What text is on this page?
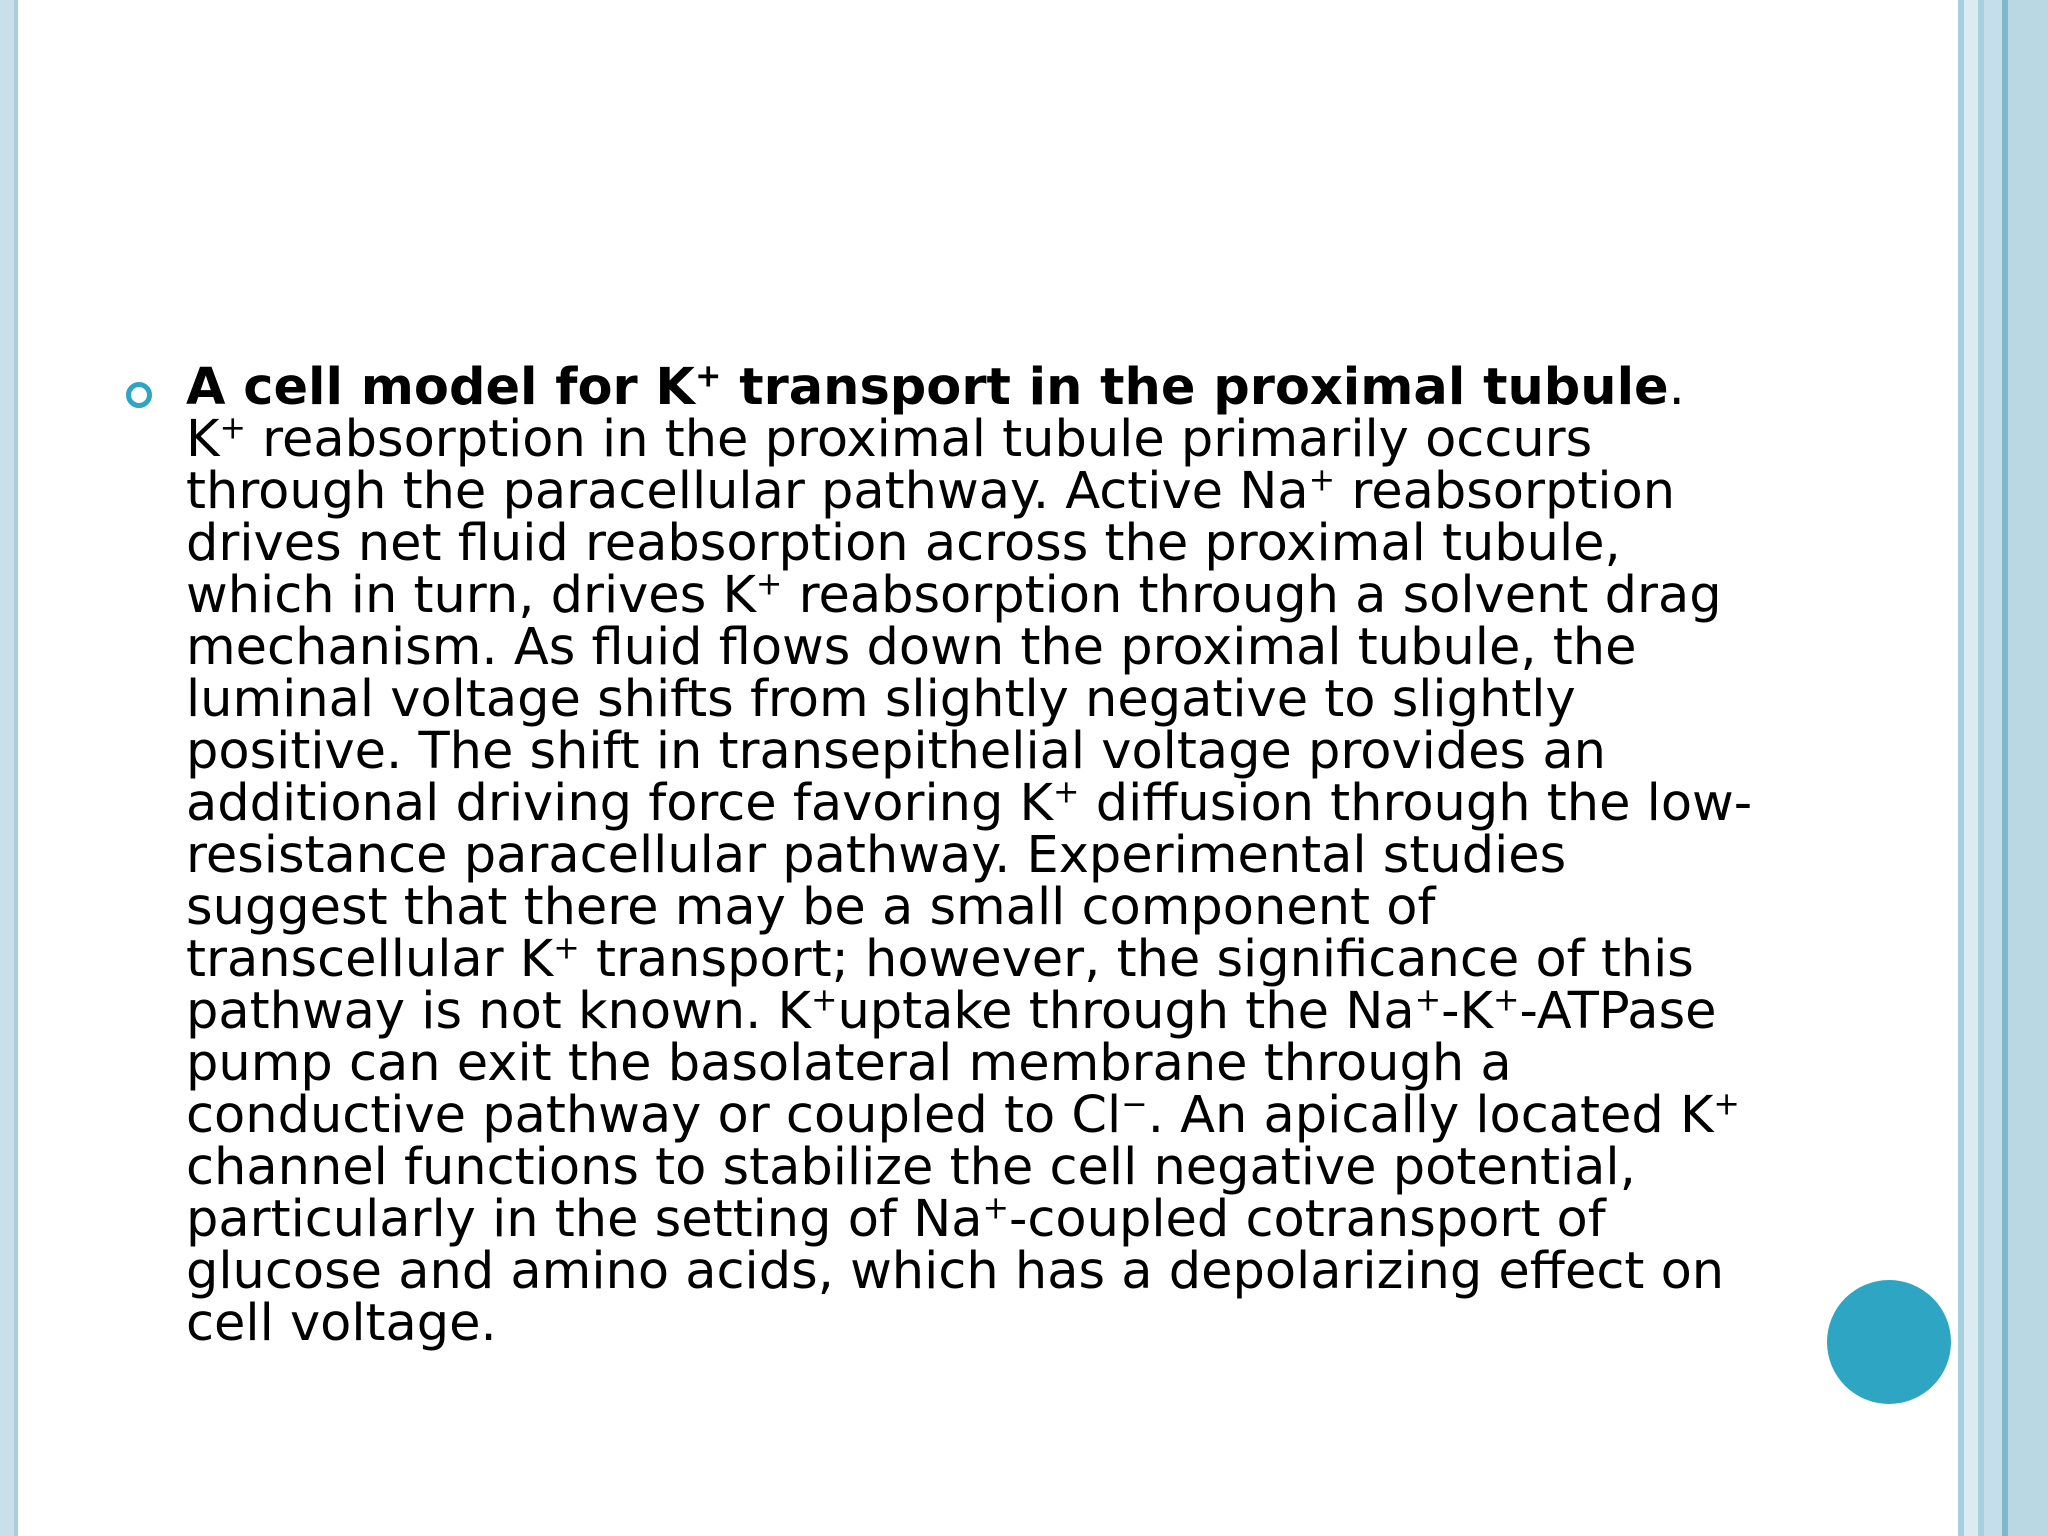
A cell model for K+ transport in the proximal tubule. K+ reabsorption in the proximal tubule primarily occurs through the paracellular pathway. Active Na+ reabsorption drives net fluid reabsorption across the proximal tubule, which in turn, drives K+ reabsorption through a solvent drag mechanism. As fluid flows down the proximal tubule, the luminal voltage shifts from slightly negative to slightly positive. The shift in transepithelial voltage provides an additional driving force favoring K+ diffusion through the low-resistance paracellular pathway. Experimental studies suggest that there may be a small component of transcellular K+ transport; however, the significance of this pathway is not known. K+uptake through the Na+-K+-ATPase pump can exit the basolateral membrane through a conductive pathway or coupled to Cl−. An apically located K+ channel functions to stabilize the cell negative potential, particularly in the setting of Na+-coupled cotransport of glucose and amino acids, which has a depolarizing effect on cell voltage.
